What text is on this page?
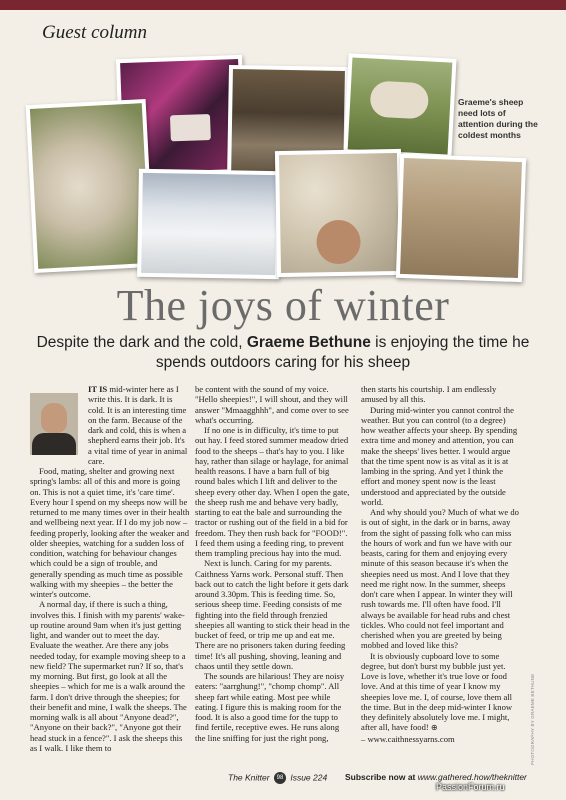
Guest column
Graeme's sheep need lots of attention during the coldest months
The joys of winter
Despite the dark and the cold, Graeme Bethune is enjoying the time he spends outdoors caring for his sheep

IT IS mid-winter here as I write this. It is dark. It is cold. It is an interesting time on the farm. Because of the dark and cold, this is when a shepherd earns their job. It's a vital time of year in animal care.

Food, mating, shelter and growing next spring's lambs: all of this and more is going on. This is not a quiet time, it's 'care time'. Every hour I spend on my sheeps now will be returned to me many times over in their health and wellbeing next year. If I do my job now – feeding properly, looking after the weaker and older sheepies, watching for a sudden loss of condition, watching for behaviour changes which could be a sign of trouble, and generally spending as much time as possible walking with my sheepies – the better the winter's outcome.

A normal day, if there is such a thing, involves this. I finish with my parents' wake-up routine around 9am when it's just getting light, and wander out to meet the day. Evaluate the weather. Are there any jobs needed today, for example moving sheep to a new field? The supermarket run? If so, that's my morning. But first, go look at all the sheepies – which for me is a walk around the farm. I don't drive through the sheepies; for their benefit and mine, I walk the sheeps. The morning walk is all about "Anyone dead?", "Anyone on their back?", "Anyone got their head stuck in a fence?". I ask the sheeps this as I walk. I like them to

be content with the sound of my voice. "Hello sheepies!", I will shout, and they will answer "Mmaagghhh", and come over to see what's occurring.

If no one is in difficulty, it's time to put out hay. I feed stored summer meadow dried food to the sheeps – that's hay to you. I like hay, rather than silage or haylage, for animal health reasons. I have a barn full of big round bales which I lift and deliver to the sheep every other day. When I open the gate, the sheep rush me and behave very badly, starting to eat the bale and surrounding the tractor or rushing out of the field in a bid for freedom. They then rush back for "FOOD!". I feed them using a feeding ring, to prevent them trampling precious hay into the mud.

Next is lunch. Caring for my parents. Caithness Yarns work. Personal stuff. Then back out to catch the light before it gets dark around 3.30pm. This is feeding time. So, serious sheep time. Feeding consists of me fighting into the field through frenzied sheepies all wanting to stick their head in the bucket of feed, or trip me up and eat me. There are no prisoners taken during feeding time! It's all pushing, shoving, leaning and chaos until they settle down.

The sounds are hilarious! They are noisy eaters: "aarrghung!", "chomp chomp". All sheep fart while eating. Most pee while eating. I figure this is making room for the food. It is also a good time for the tupp to find fertile, receptive ewes. He runs along the line sniffing for just the right pong,

then starts his courtship. I am endlessly amused by all this.

During mid-winter you cannot control the weather. But you can control (to a degree) how weather affects your sheep. By spending extra time and money and attention, you can make the sheeps' lives better. I would argue that the time spent now is as vital as it is at lambing in the spring. And yet I think the effort and money spent now is the least understood and appreciated by the outside world.

And why should you? Much of what we do is out of sight, in the dark or in barns, away from the sight of passing folk who can miss the hours of work and fun we have with our beasts, caring for them and enjoying every minute of this season because it's when the sheepies need us most. And I love that they need me right now. In the summer, sheeps don't care when I appear. In winter they will rush towards me. I'll often have food. I'll always be available for head rubs and chest tickles. Who could not feel important and cherished when you are greeted by being mobbed and loved like this?

It is obviously cupboard love to some degree, but don't burst my bubble just yet. Love is love, whether it's true love or food love. And at this time of year I know my sheepies love me. I, of course, love them all the time. But in the deep mid-winter I know they definitely absolutely love me. I might, after all, have food! ⊕

– www.caithnessyarns.com	PHOTOGRAPHY BY GRAEME BETHUNE
The Knitter 98 Issue 224 Subscribe now at www.gathered.how/theknitter
PassionForum.ru
